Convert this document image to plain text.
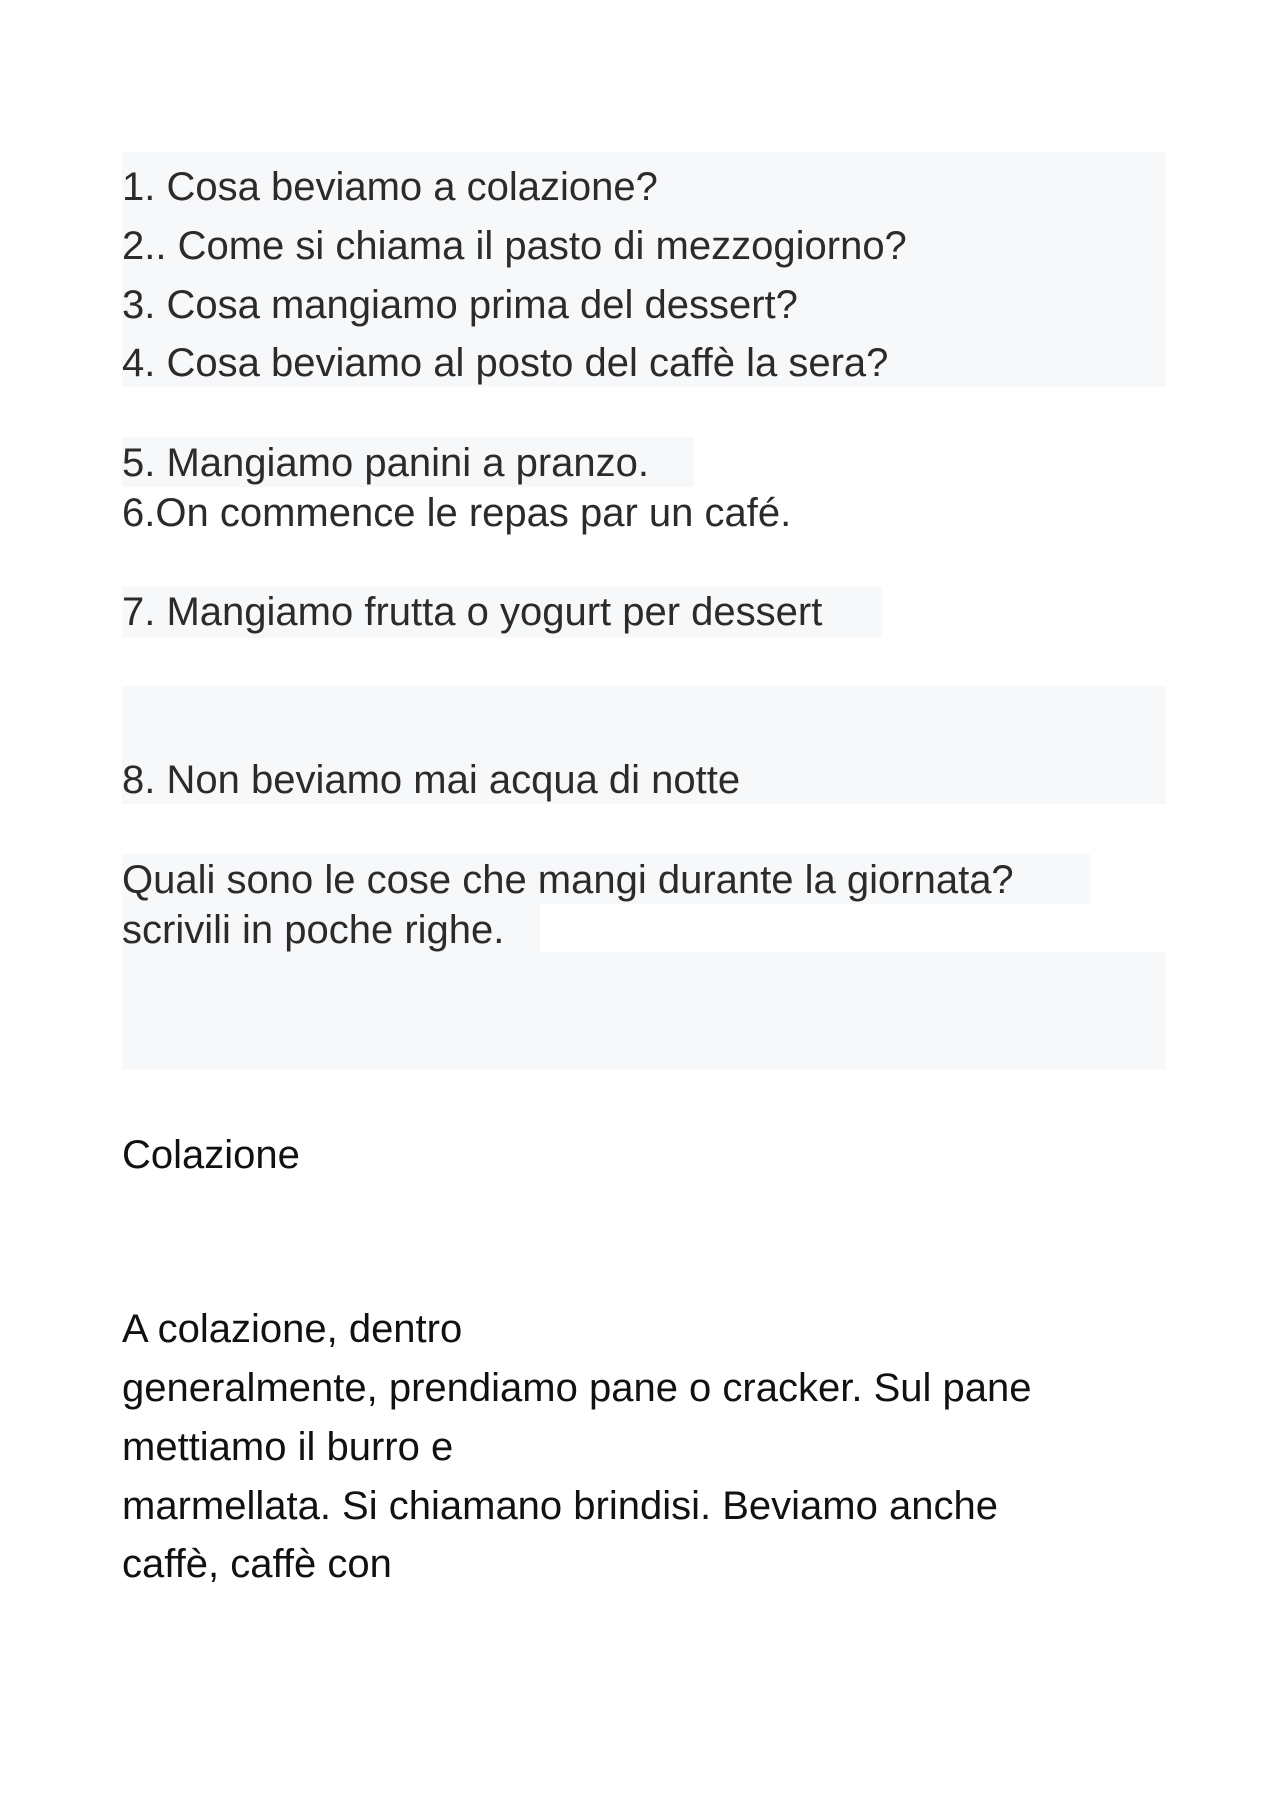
1. Cosa beviamo a colazione?
2.. Come si chiama il pasto di mezzogiorno?
3. Cosa mangiamo prima del dessert?
4. Cosa beviamo al posto del caffè la sera?
5. Mangiamo panini a pranzo.
6.On commence le repas par un café.
7. Mangiamo frutta o yogurt per dessert
8. Non beviamo mai acqua di notte
Quali sono le cose che mangi durante la giornata?
scrivili in poche righe.
Colazione
A colazione, dentro
generalmente, prendiamo pane o cracker. Sul pane
mettiamo il burro e
marmellata. Si chiamano brindisi. Beviamo anche
caffè, caffè con
